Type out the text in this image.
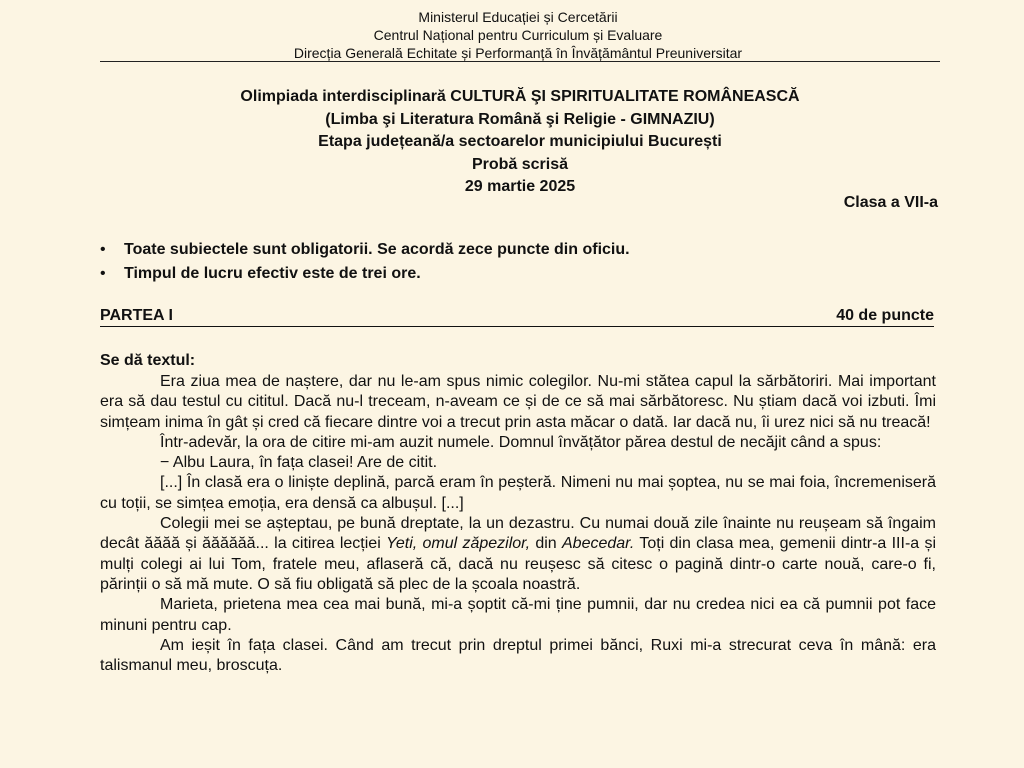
Ministerul Educației și Cercetării
Centrul Național pentru Curriculum și Evaluare
Direcția Generală Echitate și Performanță în Învățământul Preuniversitar
Olimpiada interdisciplinară CULTURĂ ŞI SPIRITUALITATE ROMÂNEASCĂ
(Limba şi Literatura Română şi Religie - GIMNAZIU)
Etapa județeană/a sectoarelor municipiului București
Probă scrisă
29 martie 2025
Clasa a VII-a
• Toate subiectele sunt obligatorii. Se acordă zece puncte din oficiu.
• Timpul de lucru efectiv este de trei ore.
PARTEA I	40 de puncte
Se dă textul:

Era ziua mea de naștere, dar nu le-am spus nimic colegilor. Nu-mi stătea capul la sărbătoriri. Mai important era să dau testul cu cititul. Dacă nu-l treceam, n-aveam ce și de ce să mai sărbătoresc. Nu știam dacă voi izbuti. Îmi simțeam inima în gât și cred că fiecare dintre voi a trecut prin asta măcar o dată. Iar dacă nu, îi urez nici să nu treacă!

Într-adevăr, la ora de citire mi-am auzit numele. Domnul învățător părea destul de necăjit când a spus:

− Albu Laura, în fața clasei! Are de citit.

[...] În clasă era o liniște deplină, parcă eram în peșteră. Nimeni nu mai șoptea, nu se mai foia, încremeniseră cu toții, se simțea emoția, era densă ca albușul. [...]

Colegii mei se așteptau, pe bună dreptate, la un dezastru. Cu numai două zile înainte nu reușeam să îngaim decât ăăăă și ăăăăăă... la citirea lecției Yeti, omul zăpezilor, din Abecedar. Toți din clasa mea, gemenii dintr-a III-a și mulți colegi ai lui Tom, fratele meu, aflaseră că, dacă nu reușesc să citesc o pagină dintr-o carte nouă, care-o fi, părinții o să mă mute. O să fiu obligată să plec de la școala noastră.

Marieta, prietena mea cea mai bună, mi-a șoptit că-mi ține pumnii, dar nu credea nici ea că pumnii pot face minuni pentru cap.

Am ieșit în fața clasei. Când am trecut prin dreptul primei bănci, Ruxi mi-a strecurat ceva în mână: era talismanul meu, broscuța.
